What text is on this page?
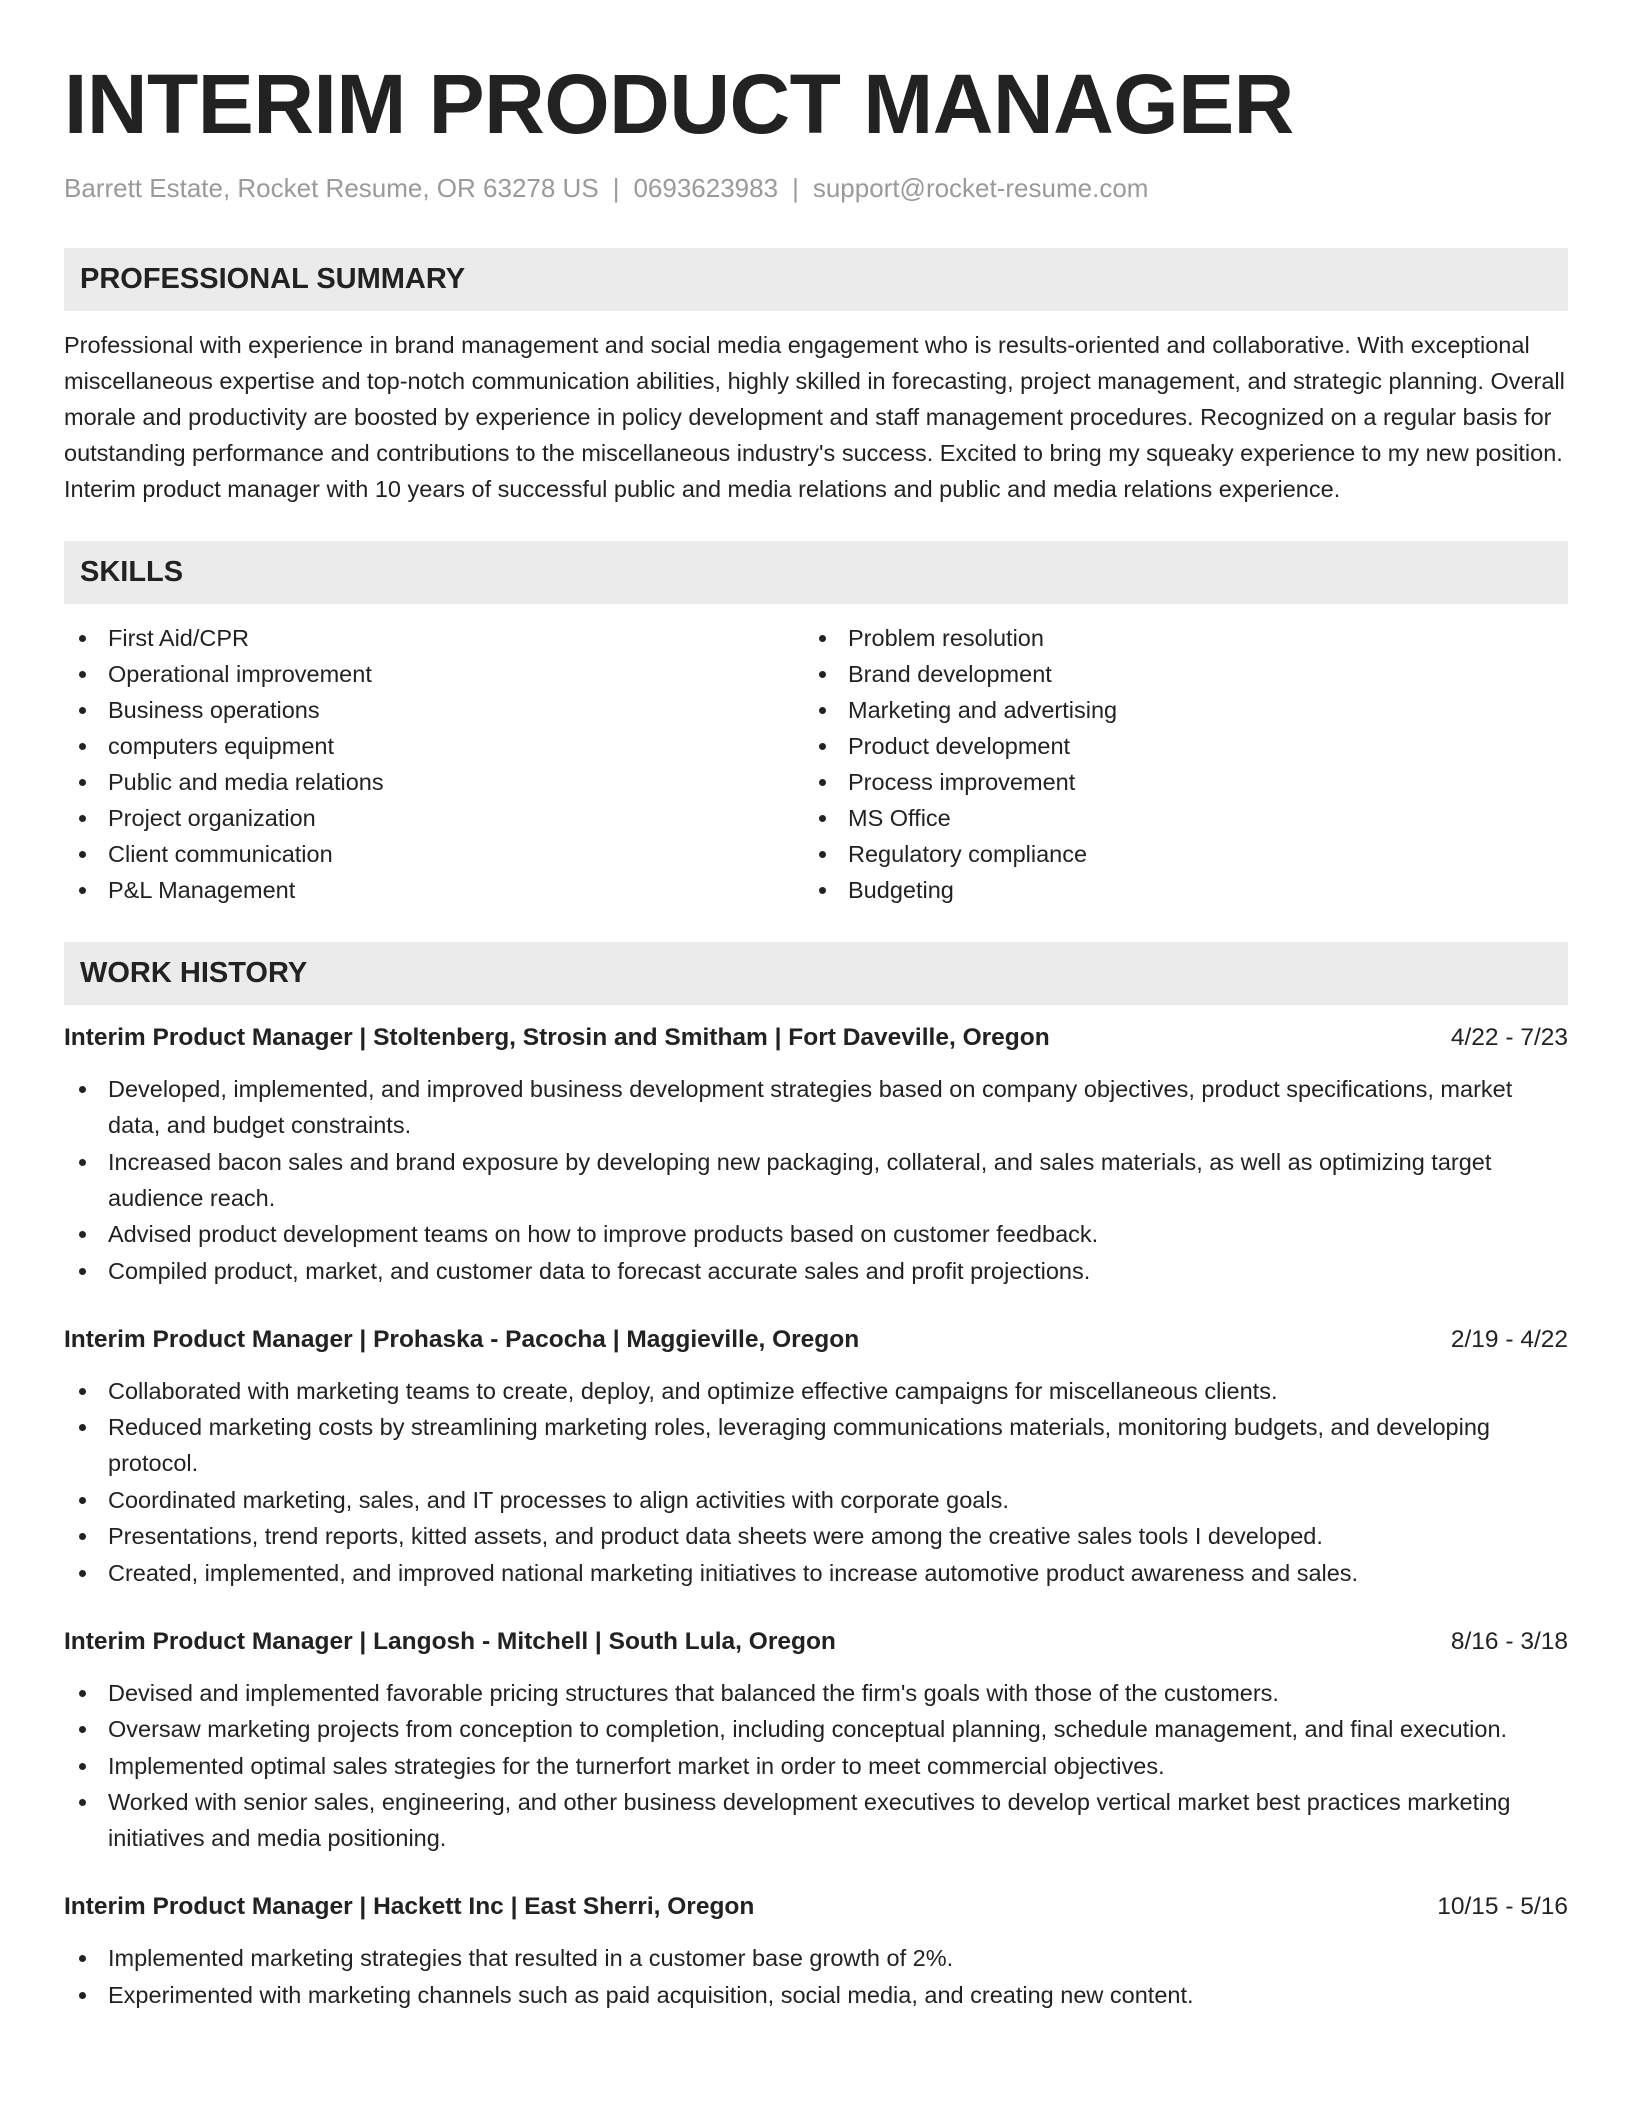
INTERIM PRODUCT MANAGER
Barrett Estate, Rocket Resume, OR 63278 US | 0693623983 | support@rocket-resume.com
PROFESSIONAL SUMMARY

Professional with experience in brand management and social media engagement who is results-oriented and collaborative. With exceptional miscellaneous expertise and top-notch communication abilities, highly skilled in forecasting, project management, and strategic planning. Overall morale and productivity are boosted by experience in policy development and staff management procedures. Recognized on a regular basis for outstanding performance and contributions to the miscellaneous industry's success. Excited to bring my squeaky experience to my new position. Interim product manager with 10 years of successful public and media relations and public and media relations experience.

SKILLS
First Aid/CPR
Operational improvement
Business operations
computers equipment
Public and media relations
Project organization
Client communication
P&L Management
Problem resolution
Brand development
Marketing and advertising
Product development
Process improvement
MS Office
Regulatory compliance
Budgeting
WORK HISTORY
Interim Product Manager | Stoltenberg, Strosin and Smitham | Fort Daveville, Oregon	4/22 - 7/23
Developed, implemented, and improved business development strategies based on company objectives, product specifications, market data, and budget constraints.
Increased bacon sales and brand exposure by developing new packaging, collateral, and sales materials, as well as optimizing target audience reach.
Advised product development teams on how to improve products based on customer feedback.
Compiled product, market, and customer data to forecast accurate sales and profit projections.
Interim Product Manager | Prohaska - Pacocha | Maggieville, Oregon	2/19 - 4/22
Collaborated with marketing teams to create, deploy, and optimize effective campaigns for miscellaneous clients.
Reduced marketing costs by streamlining marketing roles, leveraging communications materials, monitoring budgets, and developing protocol.
Coordinated marketing, sales, and IT processes to align activities with corporate goals.
Presentations, trend reports, kitted assets, and product data sheets were among the creative sales tools I developed.
Created, implemented, and improved national marketing initiatives to increase automotive product awareness and sales.
Interim Product Manager | Langosh - Mitchell | South Lula, Oregon	8/16 - 3/18
Devised and implemented favorable pricing structures that balanced the firm's goals with those of the customers.
Oversaw marketing projects from conception to completion, including conceptual planning, schedule management, and final execution.
Implemented optimal sales strategies for the turnerfort market in order to meet commercial objectives.
Worked with senior sales, engineering, and other business development executives to develop vertical market best practices marketing initiatives and media positioning.
Interim Product Manager | Hackett Inc | East Sherri, Oregon	10/15 - 5/16
Implemented marketing strategies that resulted in a customer base growth of 2%.
Experimented with marketing channels such as paid acquisition, social media, and creating new content.
